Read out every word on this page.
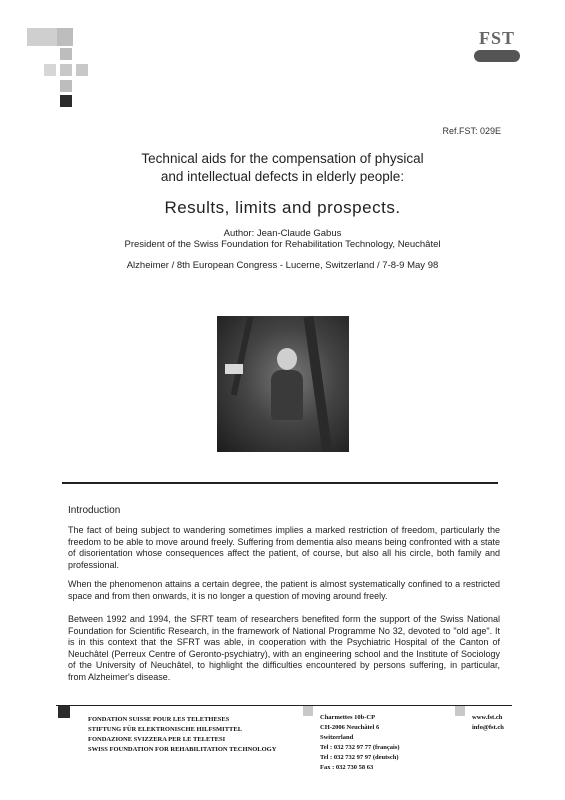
FST
Ref.FST: 029E
Technical aids for the compensation of physical
and intellectual defects in elderly people:
Results, limits and prospects.
Author: Jean-Claude Gabus
President of the Swiss Foundation for Rehabilitation Technology, Neuchâtel
Alzheimer / 8th European Congress - Lucerne, Switzerland / 7-8-9 May 98
Introduction

The fact of being subject to wandering sometimes implies a marked restriction of freedom, particularly the freedom to be able to move around freely. Suffering from dementia also means being confronted with a state of disorientation whose consequences affect the patient, of course, but also all his circle, both family and professional.

When the phenomenon attains a certain degree, the patient is almost systematically confined to a restricted space and from then onwards, it is no longer a question of moving around freely.

Between 1992 and 1994, the SFRT team of researchers benefited form the support of the Swiss National Foundation for Scientific Research, in the framework of National Programme No 32, devoted to "old age". It is in this context that the SFRT was able, in cooperation with the Psychiatric Hospital of the Canton of Neuchâtel (Perreux Centre of Geronto-psychiatry), with an engineering school and the Institute of Sociology of the University of Neuchâtel, to highlight the difficulties encountered by persons suffering, in particular, from Alzheimer's disease.

FONDATION SUISSE POUR LES TELETHESES
STIFTUNG FÜR ELEKTRONISCHE HILFSMITTEL
FONDAZIONE SVIZZERA PER LE TELETESI
SWISS FOUNDATION FOR REHABILITATION TECHNOLOGY
Charmettes 10b-CP
CH-2006 Neuchâtel 6
Switzerland
Tel : 032 732 97 77 (français)
Tel : 032 732 97 97 (deutsch)
Fax : 032 730 58 63
www.fst.ch
info@fst.ch
